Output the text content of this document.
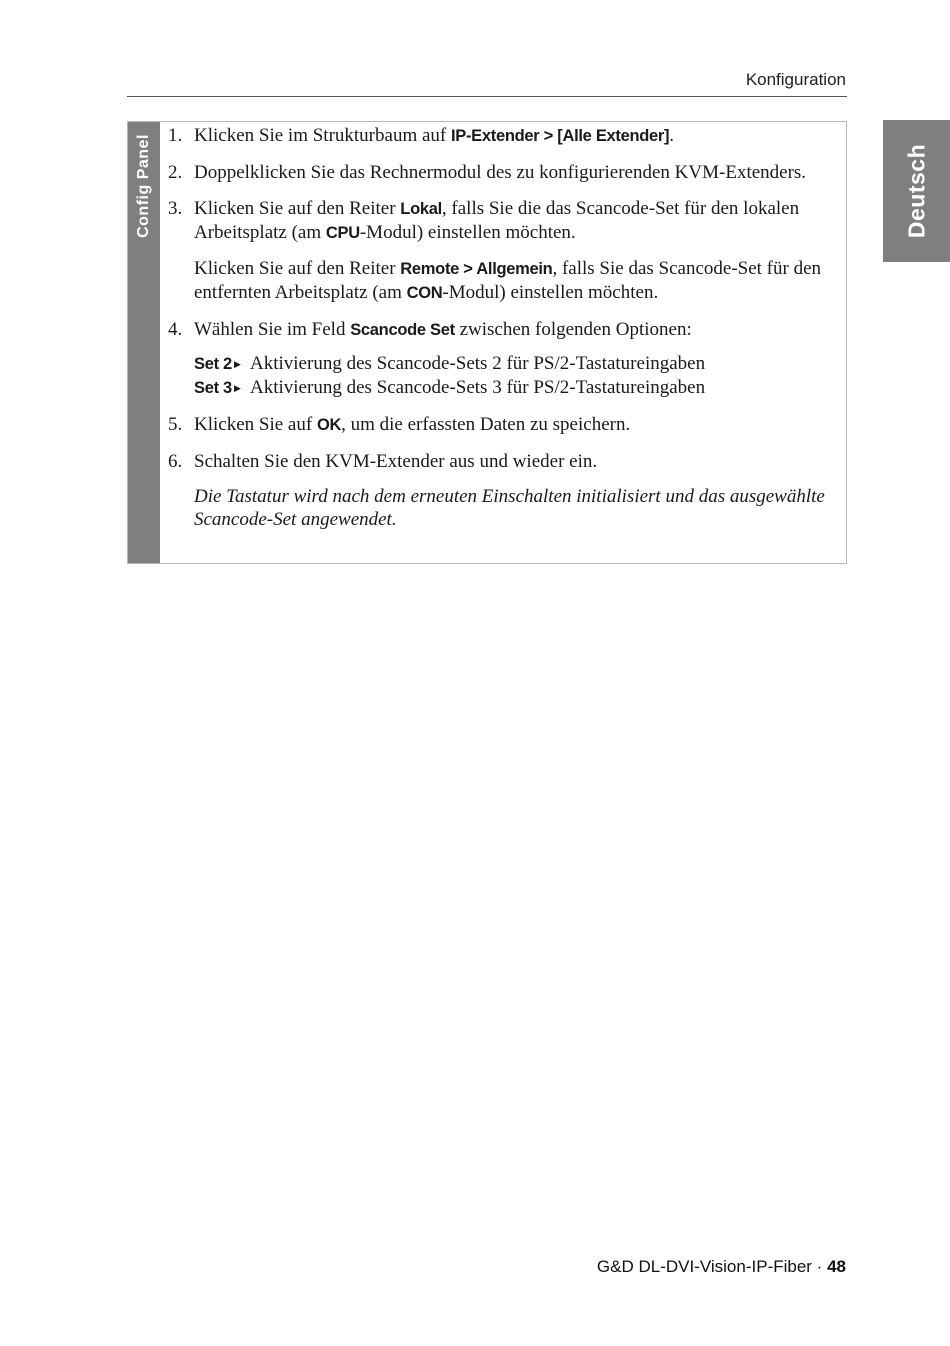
Konfiguration
Deutsch
Config Panel 1. Klicken Sie im Strukturbaum auf IP-Extender > [Alle Extender].
2. Doppelklicken Sie das Rechnermodul des zu konfigurierenden KVM-Extenders.
3. Klicken Sie auf den Reiter Lokal, falls Sie die das Scancode-Set für den lokalen Arbeitsplatz (am CPU-Modul) einstellen möchten.
Klicken Sie auf den Reiter Remote > Allgemein, falls Sie das Scancode-Set für den entfernten Arbeitsplatz (am CON-Modul) einstellen möchten.
4. Wählen Sie im Feld Scancode Set zwischen folgenden Optionen:
Set 2 ▶ Aktivierung des Scancode-Sets 2 für PS/2-Tastatureingaben
Set 3 ▶ Aktivierung des Scancode-Sets 3 für PS/2-Tastatureingaben
5. Klicken Sie auf OK, um die erfassten Daten zu speichern.
6. Schalten Sie den KVM-Extender aus und wieder ein.
Die Tastatur wird nach dem erneuten Einschalten initialisiert und das ausgewählte Scancode-Set angewendet.
G&D DL-DVI-Vision-IP-Fiber · 48
